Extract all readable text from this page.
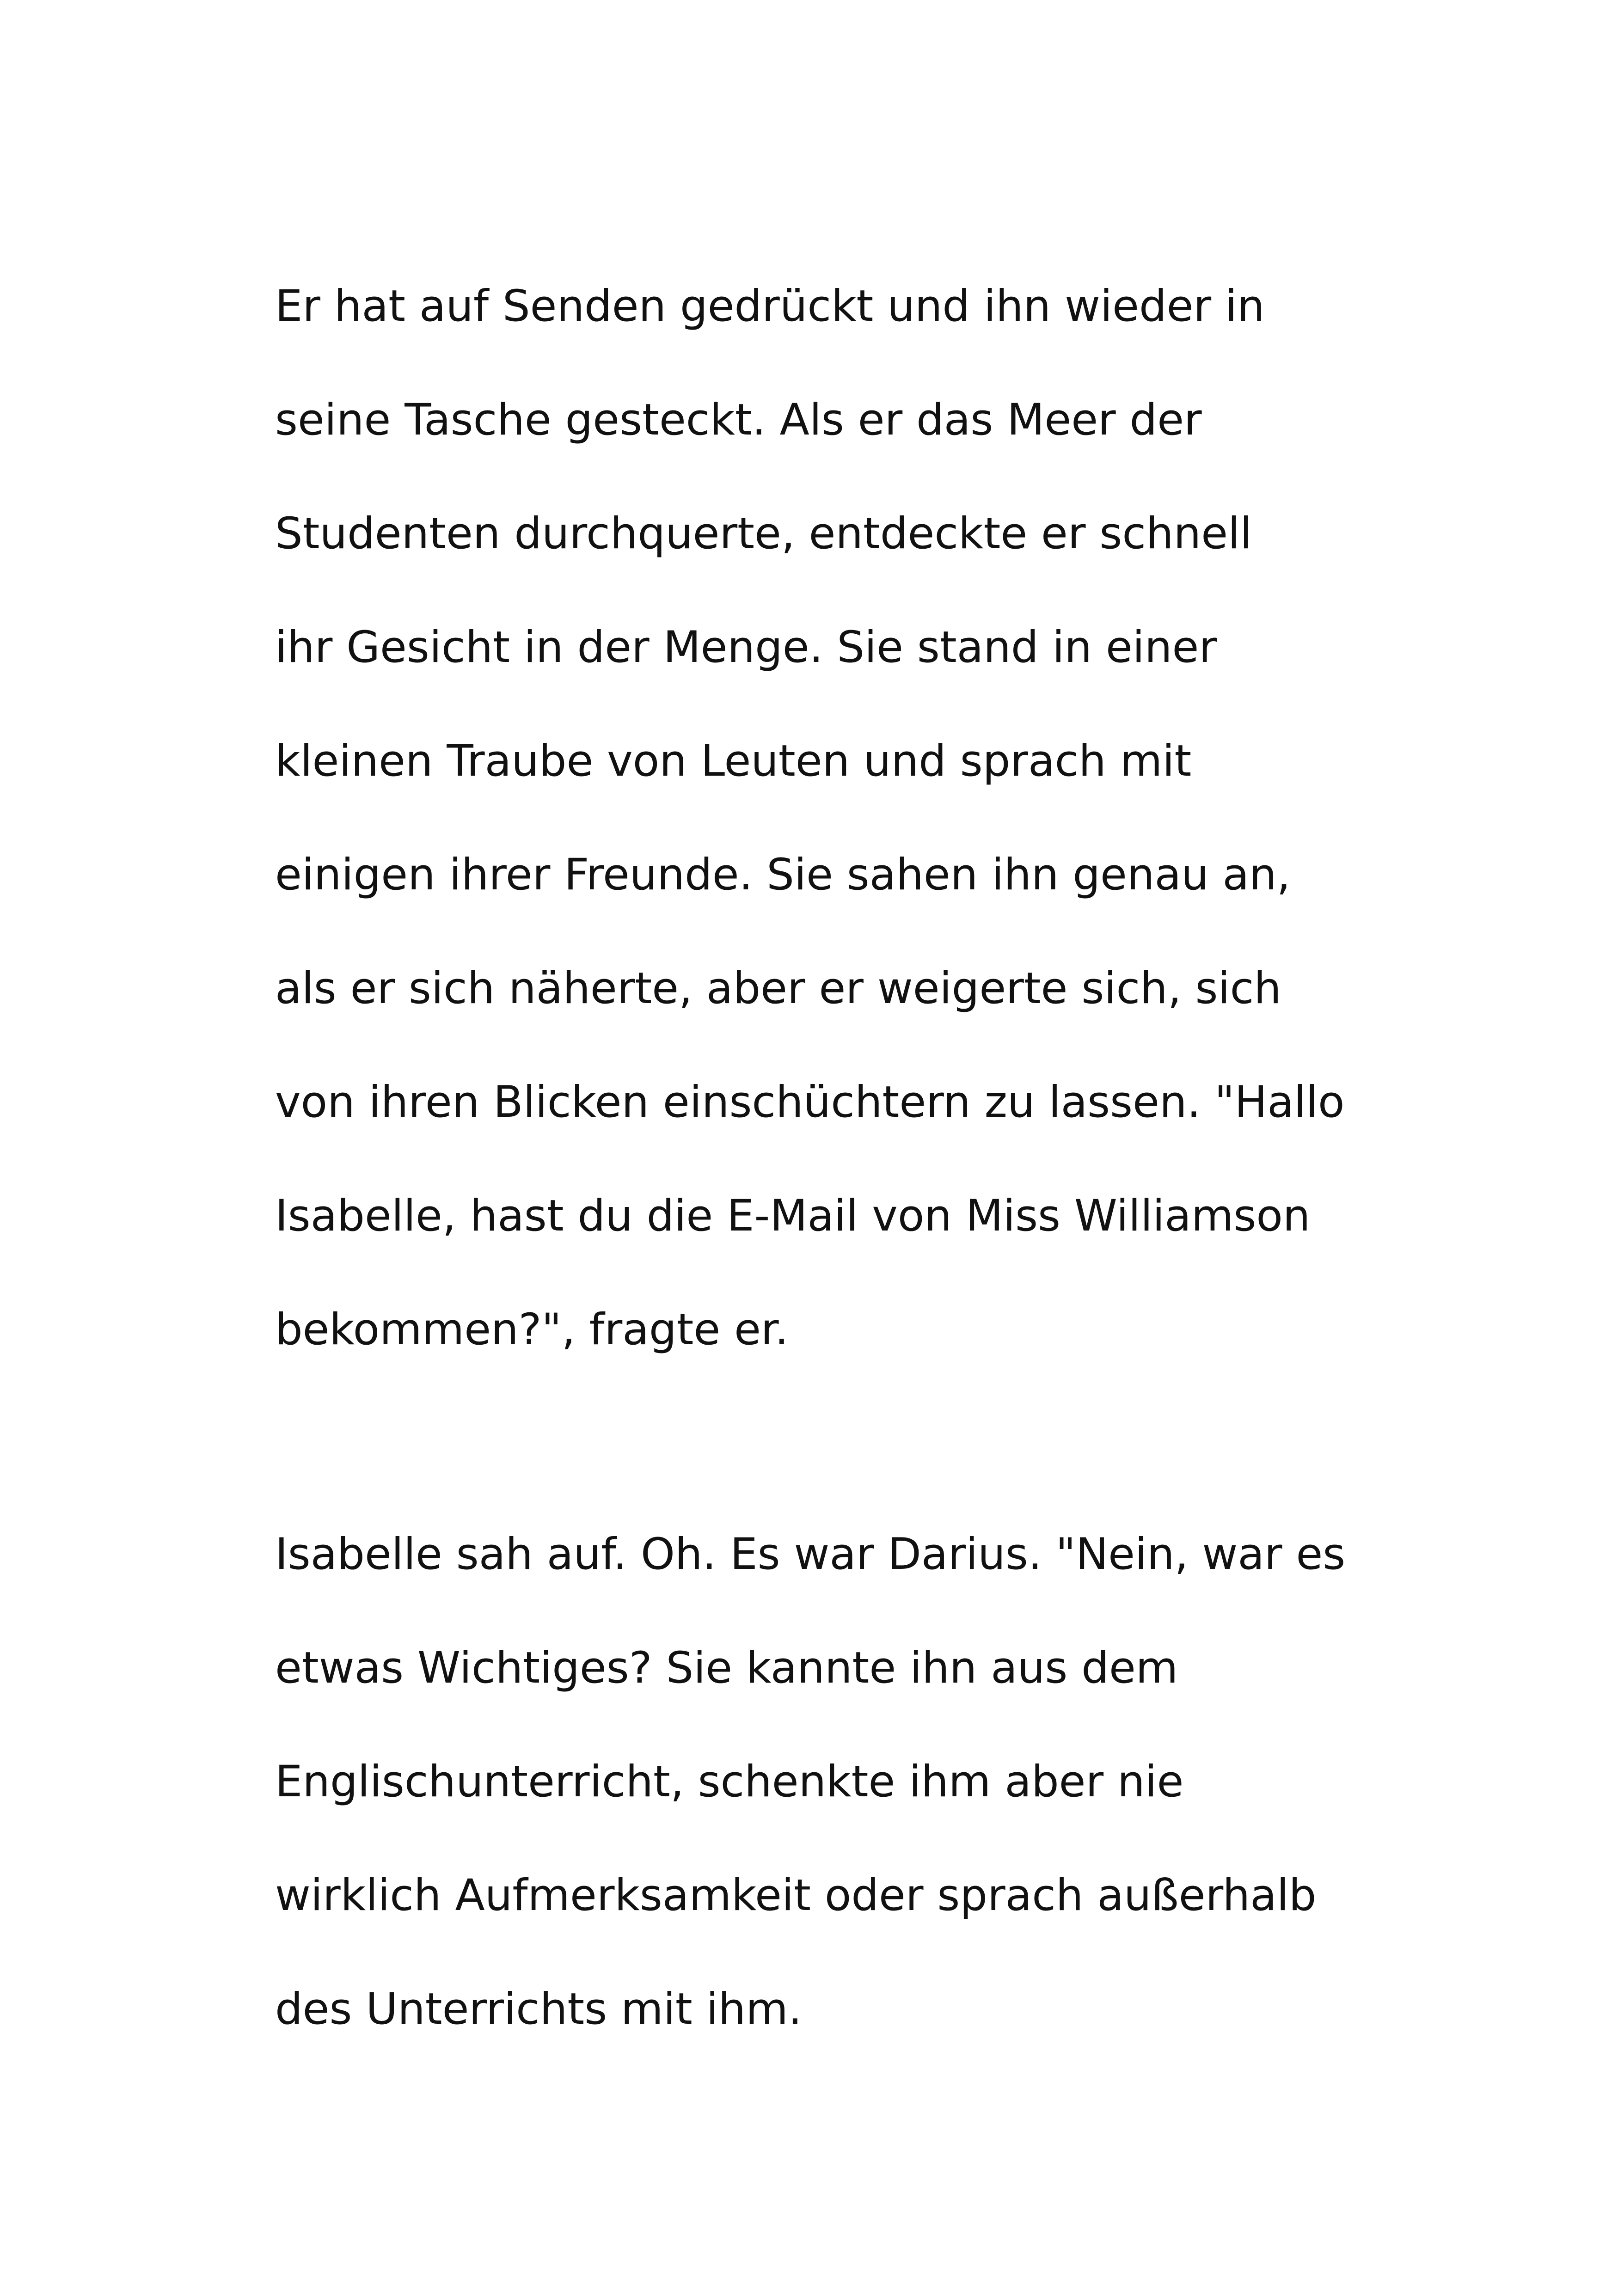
Er hat auf Senden gedrückt und ihn wieder in
seine Tasche gesteckt. Als er das Meer der
Studenten durchquerte, entdeckte er schnell
ihr Gesicht in der Menge. Sie stand in einer
kleinen Traube von Leuten und sprach mit
einigen ihrer Freunde. Sie sahen ihn genau an,
als er sich näherte, aber er weigerte sich, sich
von ihren Blicken einschüchtern zu lassen. "Hallo
Isabelle, hast du die E-Mail von Miss Williamson
bekommen?", fragte er.
Isabelle sah auf. Oh. Es war Darius. "Nein, war es
etwas Wichtiges? Sie kannte ihn aus dem
Englischunterricht, schenkte ihm aber nie
wirklich Aufmerksamkeit oder sprach außerhalb
des Unterrichts mit ihm.
